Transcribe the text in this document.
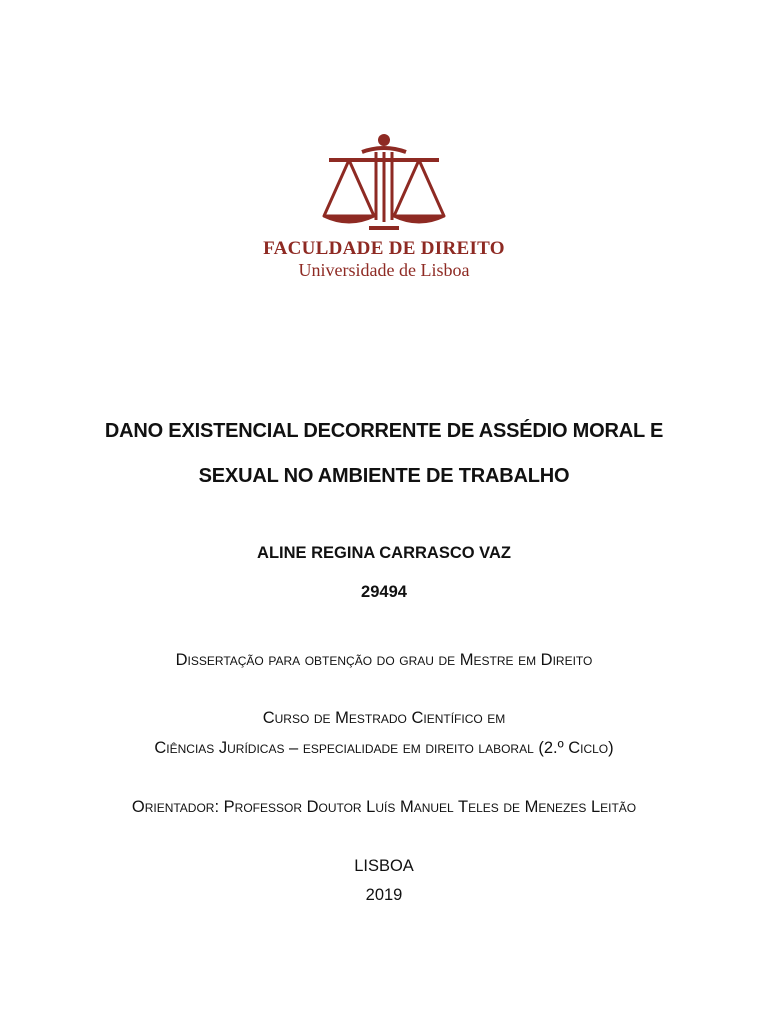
FACULDADE DE DIREITO
Universidade de Lisboa
DANO EXISTENCIAL DECORRENTE DE ASSÉDIO MORAL E
SEXUAL NO AMBIENTE DE TRABALHO
ALINE REGINA CARRASCO VAZ
29494
Dissertação para obtenção do grau de Mestre em Direito
Curso de Mestrado Científico em
Ciências Jurídicas – especialidade em direito laboral (2.º Ciclo)
Orientador: Professor Doutor Luís Manuel Teles de Menezes Leitão
LISBOA
2019
